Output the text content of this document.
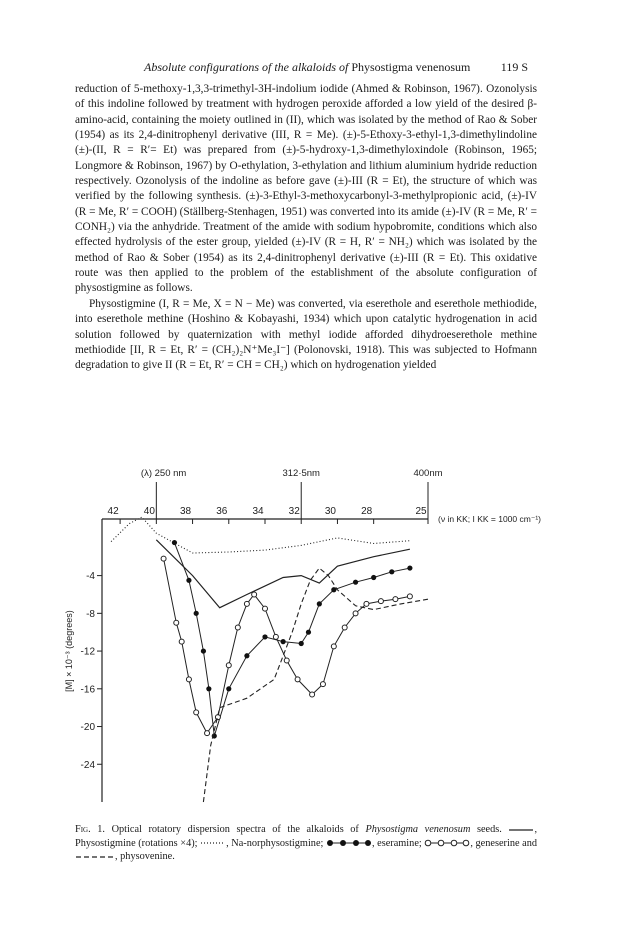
Absolute configurations of the alkaloids of Physostigma venenosum	119 S

reduction of 5-methoxy-1,3,3-trimethyl-3H-indolium iodide (Ahmed & Robinson, 1967). Ozonolysis of this indoline followed by treatment with hydrogen peroxide afforded a low yield of the desired β-amino-acid, containing the moiety outlined in (II), which was isolated by the method of Rao & Sober (1954) as its 2,4-dinitrophenyl derivative (III, R = Me). (±)-5-Ethoxy-3-ethyl-1,3-dimethylindoline (±)-(II, R = R′= Et) was prepared from (±)-5-hydroxy-1,3-dimethyloxindole (Robinson, 1965; Longmore & Robinson, 1967) by O-ethylation, 3-ethylation and lithium aluminium hydride reduction respectively. Ozonolysis of the indoline as before gave (±)-III (R = Et), the structure of which was verified by the following synthesis. (±)-3-Ethyl-3-methoxycarbonyl-3-methylpropionic acid, (±)-IV (R = Me, R′ = COOH) (Ställberg-Stenhagen, 1951) was converted into its amide (±)-IV (R = Me, R′ = CONH₂) via the anhydride. Treatment of the amide with sodium hypobromite, conditions which also effected hydrolysis of the ester group, yielded (±)-IV (R = H, R′ = NH₂) which was isolated by the method of Rao & Sober (1954) as its 2,4-dinitrophenyl derivative (±)-III (R = Et). This oxidative route was then applied to the problem of the establishment of the absolute configuration of physostigmine as follows.

Physostigmine (I, R = Me, X = N − Me) was converted, via eserethole and eserethole methiodide, into eserethole methine (Hoshino & Kobayashi, 1934) which upon catalytic hydrogenation in acid solution followed by quaternization with methyl iodide afforded dihydroeserethole methine methiodide [II, R = Et, R′ = (CH₂)₂N⁺Me₃I⁻] (Polonovski, 1918). This was subjected to Hofmann degradation to give II (R = Et, R′ = CH = CH₂) which on hydrogenation yielded

(λ) 250 nm	312·5nm	400nm
42	40	38	36	34	32	30	28	25
(ν in KK; I KK = 1000 cm⁻¹)
-4
-8
-12
-16
-20
-24
[M] × 10⁻³ (degrees)
Fig. 1. Optical rotatory dispersion spectra of the alkaloids of Physostigma venenosum seeds.	, Physostigmine (rotations ×4);	, Na-norphysostigmine;	, eseramine;	, geneserine and
, physovenine.
